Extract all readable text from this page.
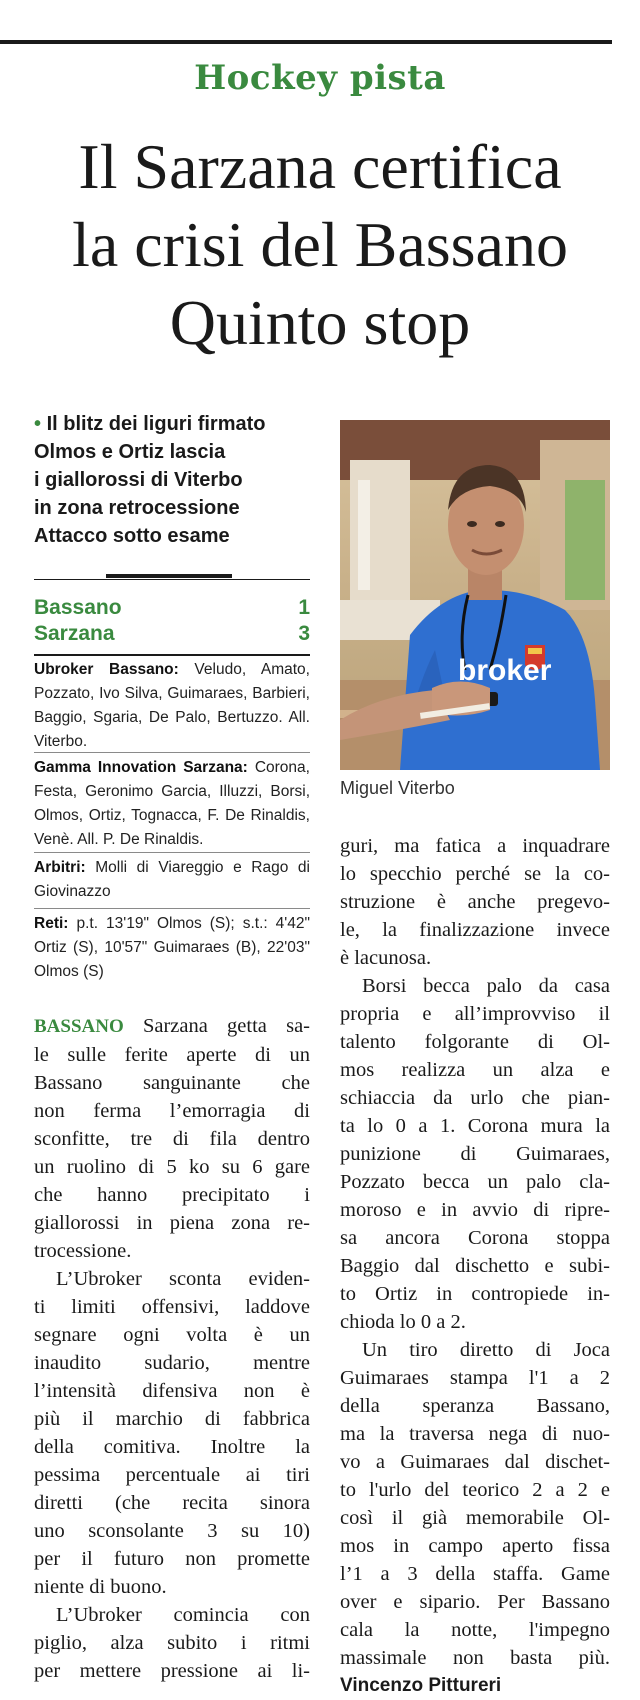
Hockey pista
Il Sarzana certifica
la crisi del Bassano
Quinto stop
• Il blitz dei liguri firmato
Olmos e Ortiz lascia
i giallorossi di Viterbo
in zona retrocessione
Attacco sotto esame
Bassano	1
Sarzana	3
Ubroker Bassano: Veludo, Amato, Pozzato, Ivo Silva, Guimaraes, Barbieri, Baggio, Sgaria, De Palo, Bertuzzo. All. Viterbo.
Gamma Innovation Sarzana: Corona, Festa, Geronimo Garcia, Illuzzi, Borsi, Olmos, Ortiz, Tognacca, F. De Rinaldis, Venè. All. P. De Rinaldis.
Arbitri: Molli di Viareggio e Rago di Giovinazzo
Reti: p.t. 13'19" Olmos (S); s.t.: 4'42" Ortiz (S), 10'57" Guimaraes (B), 22'03" Olmos (S)
broker
Miguel Viterbo
BASSANO Sarzana getta sa-
le sulle ferite aperte di un
Bassano sanguinante che
non ferma l’emorragia di
sconfitte, tre di fila dentro
un ruolino di 5 ko su 6 gare
che hanno precipitato i
giallorossi in piena zona re-
trocessione.
L’Ubroker sconta eviden-
ti limiti offensivi, laddove
segnare ogni volta è un
inaudito sudario, mentre
l’intensità difensiva non è
più il marchio di fabbrica
della comitiva. Inoltre la
pessima percentuale ai tiri
diretti (che recita sinora
uno sconsolante 3 su 10)
per il futuro non promette
niente di buono.
L’Ubroker comincia con
piglio, alza subito i ritmi
per mettere pressione ai li-
guri, ma fatica a inquadrare
lo specchio perché se la co-
struzione è anche pregevo-
le, la finalizzazione invece
è lacunosa.
Borsi becca palo da casa
propria e all’improvviso il
talento folgorante di Ol-
mos realizza un alza e
schiaccia da urlo che pian-
ta lo 0 a 1. Corona mura la
punizione di Guimaraes,
Pozzato becca un palo cla-
moroso e in avvio di ripre-
sa ancora Corona stoppa
Baggio dal dischetto e subi-
to Ortiz in contropiede in-
chioda lo 0 a 2.
Un tiro diretto di Joca
Guimaraes stampa l'1 a 2
della speranza Bassano,
ma la traversa nega di nuo-
vo a Guimaraes dal dischet-
to l'urlo del teorico 2 a 2 e
così il già memorabile Ol-
mos in campo aperto fissa
l’1 a 3 della staffa. Game
over e sipario. Per Bassano
cala la notte, l'impegno
massimale non basta più.
Vincenzo Pittureri
